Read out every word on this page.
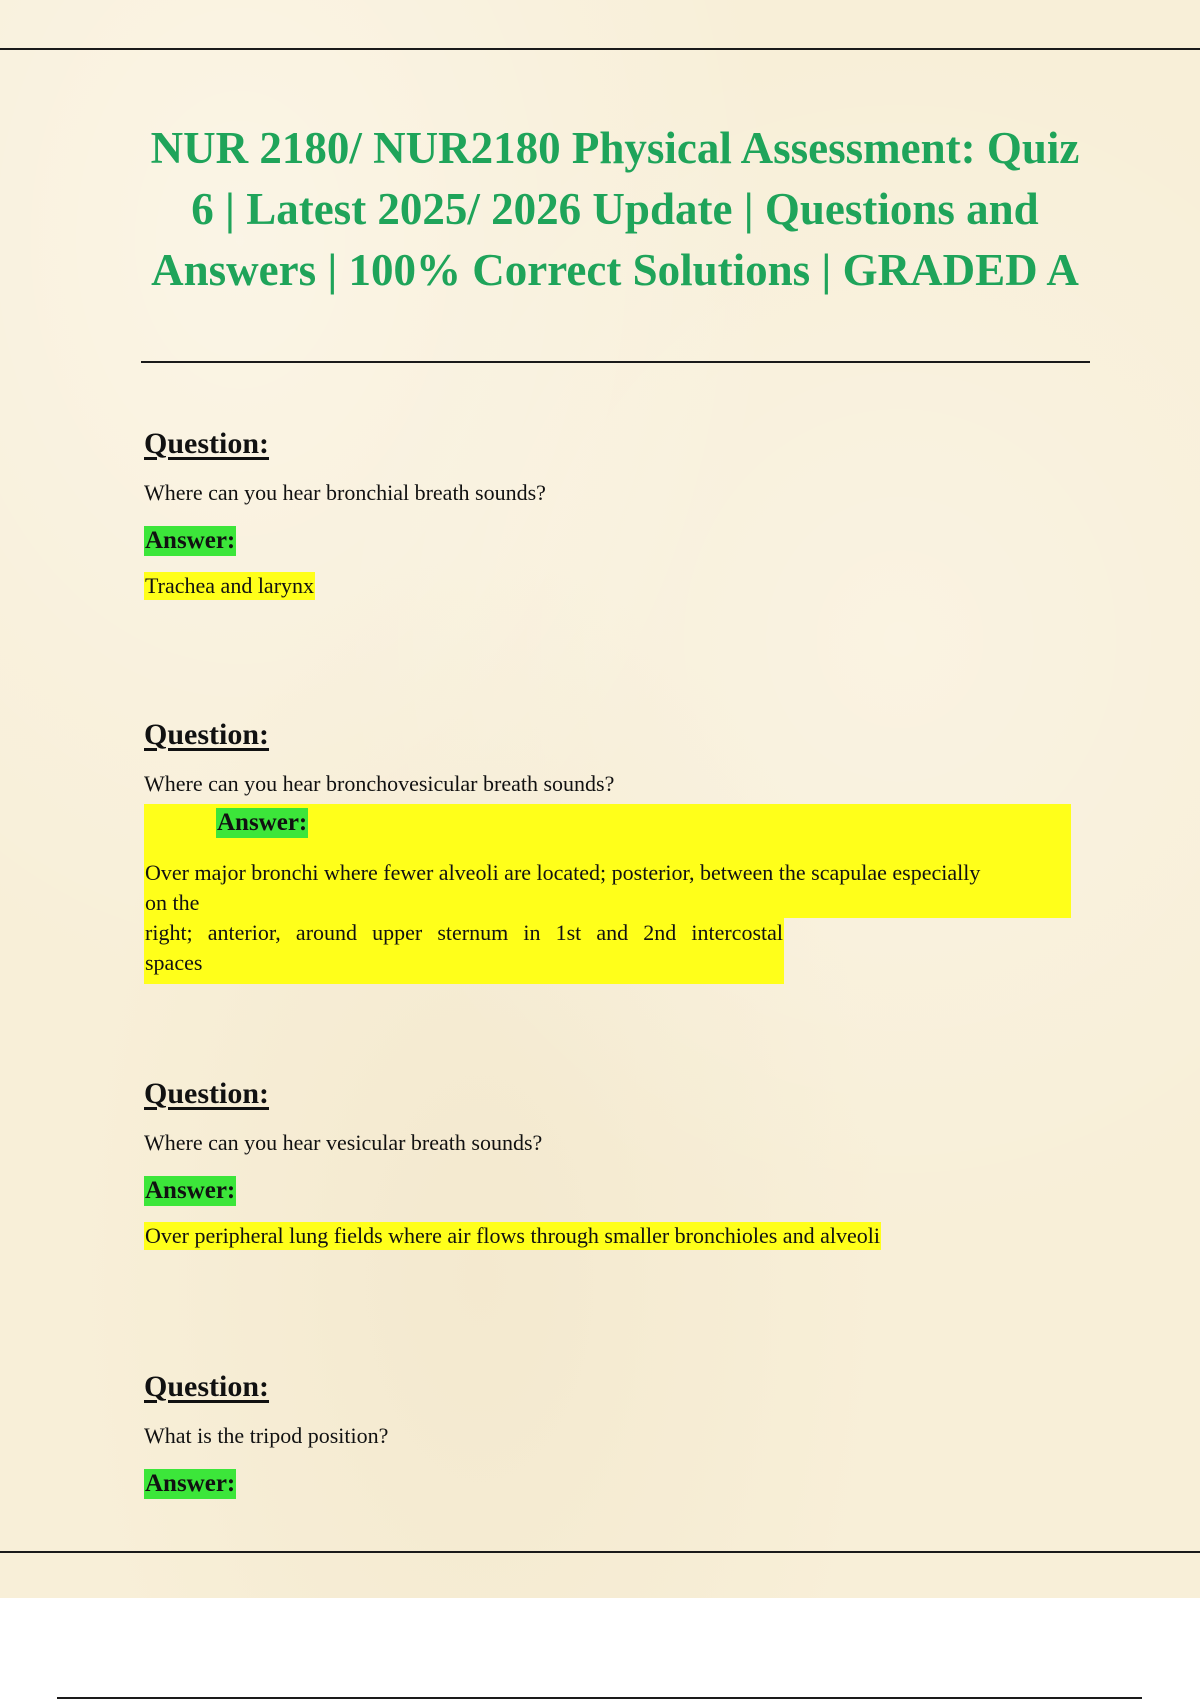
NUR 2180/ NUR2180 Physical Assessment: Quiz 6 | Latest 2025/ 2026 Update | Questions and Answers | 100% Correct Solutions | GRADED A

Question:

Where can you hear bronchial breath sounds?

Answer:
Trachea and larynx

Question:

Where can you hear bronchovesicular breath sounds?

Answer:
Over major bronchi where fewer alveoli are located; posterior, between the scapulae especially
on the
right; anterior, around upper sternum in 1st and 2nd intercostal
spaces

Question:

Where can you hear vesicular breath sounds?

Answer:
Over peripheral lung fields where air flows through smaller bronchioles and alveoli

Question:

What is the tripod position?

Answer:
